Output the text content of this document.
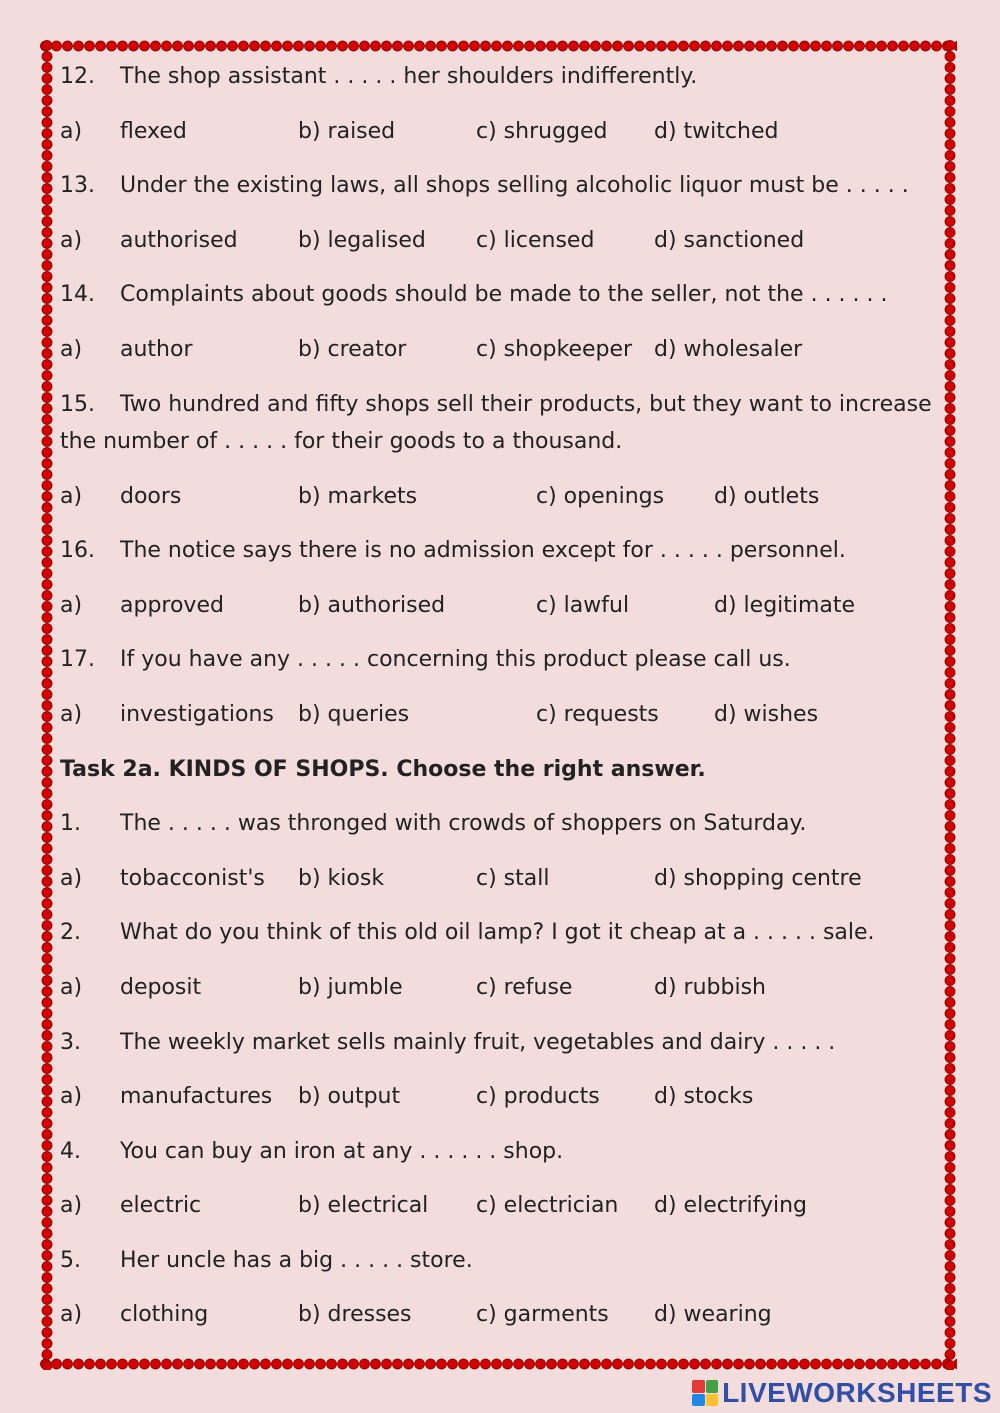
12. The shop assistant . . . . . her shoulders indifferently.
a) flexed	b) raised	c) shrugged d) twitched
13. Under the existing laws, all shops selling alcoholic liquor must be . . . . .
a) authorised	b) legalised c) licensed	d) sanctioned
14. Complaints about goods should be made to the seller, not the . . . . . .
a) author	b) creator	c) shopkeeper d) wholesaler
15. Two hundred and fifty shops sell their products, but they want to increase the number of . . . . . for their goods to a thousand.
a) doors	b) markets	c) openings d) outlets
16. The notice says there is no admission except for . . . . . personnel.
a) approved	b) authorised	c) lawful	d) legitimate
17. If you have any . . . . . concerning this product please call us.
a) investigations b) queries	c) requests	d) wishes
Task 2a. KINDS OF SHOPS. Choose the right answer.
1. The . . . . . was thronged with crowds of shoppers on Saturday.
a) tobacconist's b) kiosk	c) stall	d) shopping centre
2. What do you think of this old oil lamp? I got it cheap at a . . . . . sale.
a) deposit	b) jumble	c) refuse	d) rubbish
3. The weekly market sells mainly fruit, vegetables and dairy . . . . .
a) manufactures b) output	c) products d) stocks
4. You can buy an iron at any . . . . . . shop.
a) electric	b) electrical c) electrician d) electrifying
5. Her uncle has a big . . . . . store.
a) clothing	b) dresses	c) garments d) wearing
LIVEWORKSHEETS
